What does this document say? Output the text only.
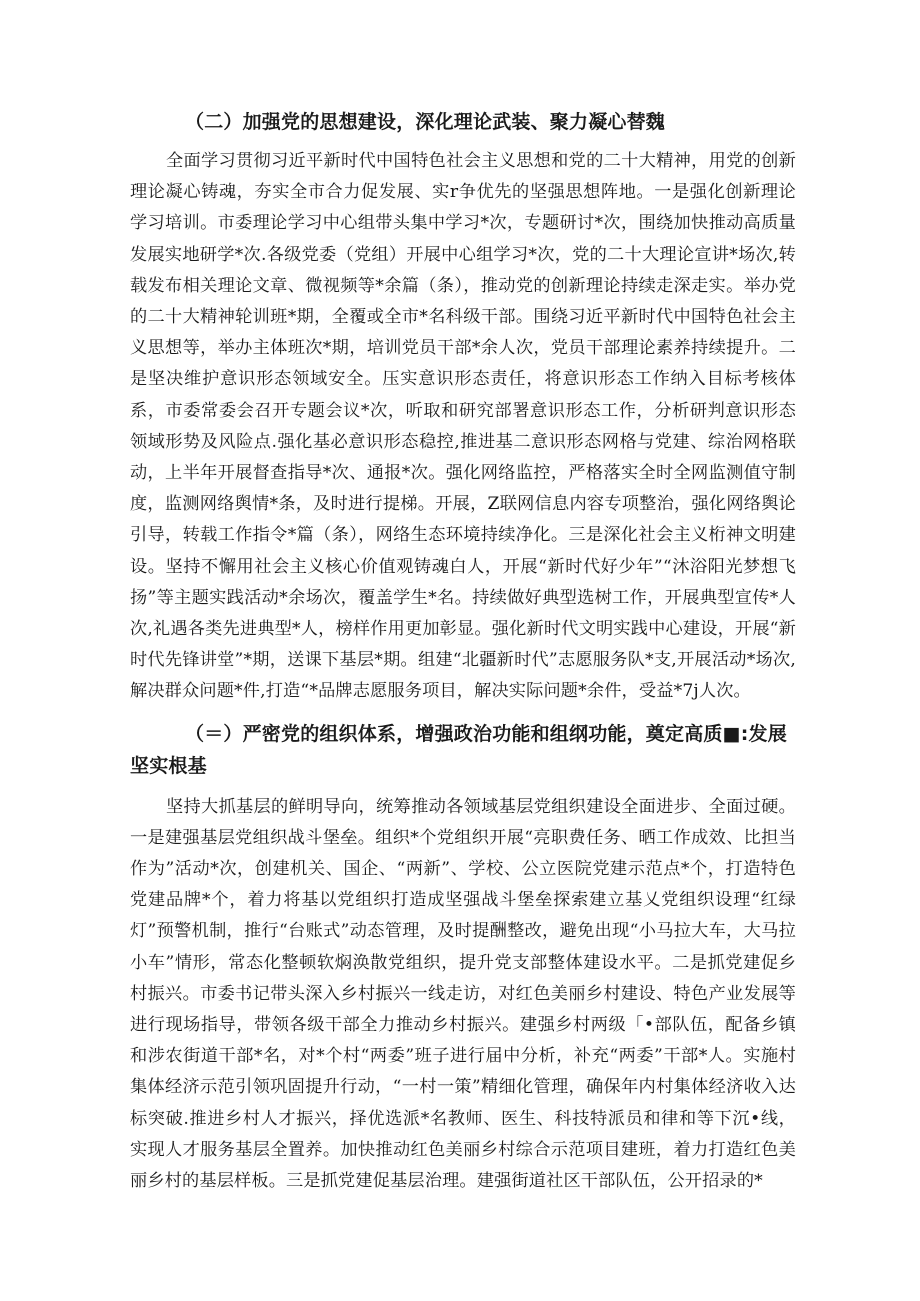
（二）加强党的思想建设，深化理论武装、聚力凝心替魏

全面学习贯彻习近平新时代中国特色社会主义思想和党的二十大精神，用党的创新理论凝心铸魂，夯实全市合力促发展、实r争优先的坚强思想阵地。一是强化创新理论学习培训。市委理论学习中心组带头集中学习*次，专题研讨*次，围绕加快推动高质量发展实地研学*次.各级党委（党组）开展中心组学习*次，党的二十大理论宣讲*场次,转载发布相关理论文章、微视频等*余篇（条），推动党的创新理论持续走深走实。举办党的二十大精神轮训班*期，全覆或全市*名科级干部。围绕习近平新时代中国特色社会主义思想等，举办主体班次*期，培训党员干部*余人次，党员干部理论素养持续提升。二是坚决维护意识形态领域安全。压实意识形态责任，将意识形态工作纳入目标考核体系，市委常委会召开专题会议*次，听取和研究部署意识形态工作，分析研判意识形态领域形势及风险点.强化基必意识形态稳控,推进基二意识形态网格与党建、综治网格联动，上半年开展督查指导*次、通报*次。强化网络监控，严格落实全时全网监测值守制度，监测网络舆情*条，及时进行提梯。开展，Z联网信息内容专项整治，强化网络舆论引导，转载工作指令*篇（条），网络生态环境持续净化。三是深化社会主义桁神文明建设。坚持不懈用社会主义核心价值观铸魂白人，开展“新时代好少年”“沐浴阳光梦想飞扬”等主题实践活动*余场次，覆盖学生*名。持续做好典型选树工作，开展典型宣传*人次,礼遇各类先进典型*人，榜样作用更加彰显。强化新时代文明实践中心建设，开展“新时代先锋讲堂”*期，送课下基层*期。组建“北疆新时代”志愿服务队*支,开展活动*场次,解决群众问题*件,打造“*品牌志愿服务项目，解决实际问题*余件，受益*7j人次。

（＝）严密党的组织体系，增强政治功能和组纲功能，奠定高质■:发展坚实根基

坚持大抓基层的鲜明导向，统筹推动各领域基层党组织建设全面进步、全面过硬。一是建强基层党组织战斗堡垒。组织*个党组织开展“亮职费任务、晒工作成效、比担当作为”活动*次，创建机关、国企、“两新”、学校、公立医院党建示范点*个，打造特色党建品牌*个，着力将基以党组织打造成坚强战斗堡垒探索建立基乂党组织设理“红绿灯”预警机制，推行“台账式”动态管理，及时提酬整改，避免出现“小马拉大车，大马拉小车”情形，常态化整顿软焖涣散党组织，提升党支部整体建设水平。二是抓党建促乡村振兴。市委书记带头深入乡村振兴一线走访，对红色美丽乡村建设、特色产业发展等进行现场指导，带领各级干部全力推动乡村振兴。建强乡村两级「•部队伍，配备乡镇和涉农街道干部*名，对*个村“两委”班子进行届中分析，补充“两委”干部*人。实施村集体经济示范引领巩固提升行动，“一村一策”精细化管理，确保年内村集体经济收入达标突破.推进乡村人才振兴，择优选派*名教师、医生、科技特派员和律和等下沉•线，实现人才服务基层全置养。加快推动红色美丽乡村综合示范项目建班，着力打造红色美丽乡村的基层样板。三是抓党建促基层治理。建强街道社区干部队伍，公开招录的*
